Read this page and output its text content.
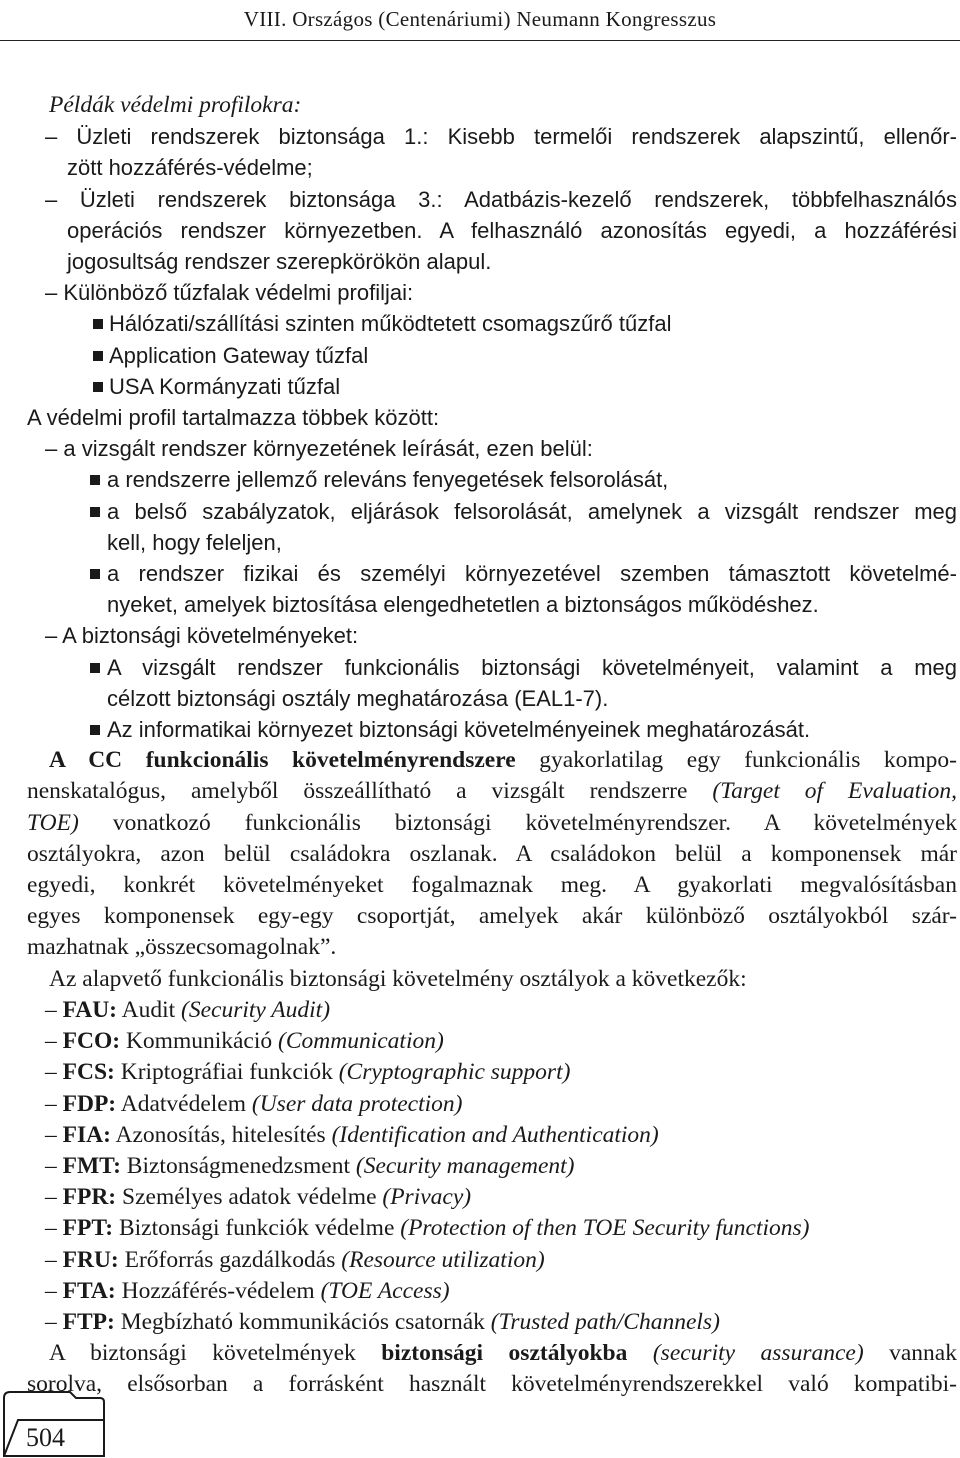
VIII. Országos (Centenáriumi) Neumann Kongresszus
Példák védelmi profilokra:
– Üzleti rendszerek biztonsága 1.: Kisebb termelői rendszerek alapszintű, ellenőr-
zött hozzáférés-védelme;
– Üzleti rendszerek biztonsága 3.: Adatbázis-kezelő rendszerek, többfelhasználós
operációs rendszer környezetben. A felhasználó azonosítás egyedi, a hozzáférési
jogosultság rendszer szerepkörökön alapul.
– Különböző tűzfalak védelmi profiljai:
Hálózati/szállítási szinten működtetett csomagszűrő tűzfal
Application Gateway tűzfal
USA Kormányzati tűzfal
A védelmi profil tartalmazza többek között:
– a vizsgált rendszer környezetének leírását, ezen belül:
a rendszerre jellemző releváns fenyegetések felsorolását,
a belső szabályzatok, eljárások felsorolását, amelynek a vizsgált rendszer meg
kell, hogy feleljen,
a rendszer fizikai és személyi környezetével szemben támasztott követelmé-
nyeket, amelyek biztosítása elengedhetetlen a biztonságos működéshez.
– A biztonsági követelményeket:
A vizsgált rendszer funkcionális biztonsági követelményeit, valamint a meg
célzott biztonsági osztály meghatározása (EAL1-7).
Az informatikai környezet biztonsági követelményeinek meghatározását.
A CC funkcionális követelményrendszere gyakorlatilag egy funkcionális kompo-
nenskatalógus, amelyből összeállítható a vizsgált rendszerre (Target of Evaluation,
TOE) vonatkozó funkcionális biztonsági követelményrendszer. A követelmények
osztályokra, azon belül családokra oszlanak. A családokon belül a komponensek már
egyedi, konkrét követelményeket fogalmaznak meg. A gyakorlati megvalósításban
egyes komponensek egy-egy csoportját, amelyek akár különböző osztályokból szár-
mazhatnak „összecsomagolnak”.
Az alapvető funkcionális biztonsági követelmény osztályok a következők:
– FAU: Audit (Security Audit)
– FCO: Kommunikáció (Communication)
– FCS: Kriptográfiai funkciók (Cryptographic support)
– FDP: Adatvédelem (User data protection)
– FIA: Azonosítás, hitelesítés (Identification and Authentication)
– FMT: Biztonságmenedzsment (Security management)
– FPR: Személyes adatok védelme (Privacy)
– FPT: Biztonsági funkciók védelme (Protection of then TOE Security functions)
– FRU: Erőforrás gazdálkodás (Resource utilization)
– FTA: Hozzáférés-védelem (TOE Access)
– FTP: Megbízható kommunikációs csatornák (Trusted path/Channels)
A biztonsági követelmények biztonsági osztályokba (security assurance) vannak
sorolva, elsősorban a forrásként használt követelményrendszerekkel való kompatibi-
504
